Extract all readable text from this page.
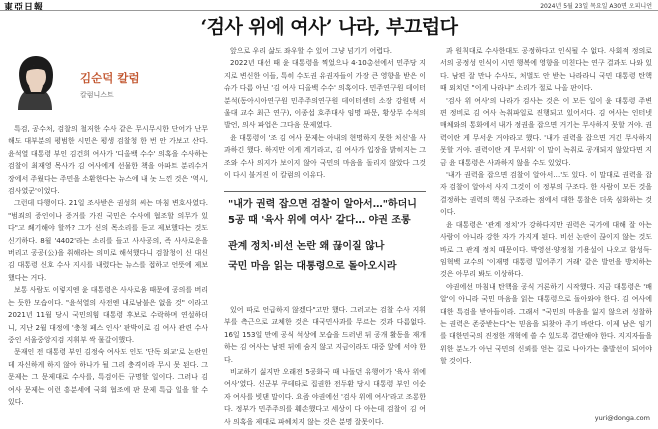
東亞日報	2024년 5월 23일 목요일 A30면 오피니언
‘검사 위에 여사’ 나라, 부끄럽다

특검, 공수처, 검찰의 철저한 수사 같은 무시무시한 단어가 난무해도 대부분의 평범한 시민은 평생 검찰청 한 번 안 가보고 산다. 윤석열 대통령 부인 김건희 여사가 '디올백 수수' 의혹을 수사하는 검찰이 최재영 목사가 김 여사에게 선물한 책을 아파트 분리수거장에서 주웠다는 주민을 소환한다는 뉴스에 내 놋 느낀 것은 '역시, 검사였군'이었다.

그런데 다행이다. 21일 조사받은 권성희 씨는 마침 변호사였다. "범죄의 증인이나 증거를 가진 국민은 수사에 협조할 의무가 있다"고 쐐기해야 할까? 그가 신의 목소리를 듣고 제보했다는 것도 신기하다. 8월 '4402'라는 소리를 들고 사사공의, 즉 사사로운을 버리고 공공(公)을 취해라는 의미로 해석했다니 검찰청이 신 대신 김 대통령 신호 수사 지시를 내렸다는 뉴스를 접하고 언뜻에 제보했다는 거다.

보통 사람도 이렇지엔 윤 대통령은 사사로움 때문에 공의를 버리는 듯한 모습이다. "윤석열의 사전엔 내로남불은 없을 것" 이라고 2021년 11월 당시 국민의힘 대통령 후보로 수락하며 연설하더니, 지난 2월 대정에 '충청 페스 인사' 판박이로 김 여사 관련 수사 중인 서울중앙지검 지휘부 싹 물갈이했다.

문재인 전 대통령 부인 김정숙 여사도 인도 '단독 외교'로 논란인데 자신하게 하지 않아 하나가 될 그리 충격이라 무시 못 된다. 그 문제는 그 문제대로 수사를, 특검이든 규명할 일이다. 그러나 김 여사 문제는 이런 흥분세에 국회 협조에 판 문제 특급 일을 할 수 있다.

김순덕 칼럼
칼럼니스트

앞으로 우리 삶도 좌우할 수 있어 그냥 넘기기 어렵다.

2022년 대선 때 윤 대통령을 찍었으나 4·10총선에서 민주당 지지로 변신한 이들, 특히 수도권 유권자들이 가장 큰 영향을 받은 이슈가 다름 아닌 '김 여사 디올백 수수' 의혹이다. 민주연구원 데이터 분석(동아시아연구원 민주주의연구원 데이터센터 소장 강원택 서울대 교수 최근 연구), 이종섭 호주대사 임명 파문, 황상무 수석의 발언, 의사 파업은 그다음 문제였다.

윤 대통령이 '조 김 여사 문제는 아내의 현명하지 못한 처신'을 사과하긴 했다. 하지만 이게 계기라고, 김 여사가 입장을 밝히지는 그 조와 수사 의지가 보이지 않아 국민의 마음을 돌리지 않았다 그것이 다시 불거진 이 칼럼의 이유다.

"내가 권력 잡으면 검찰이 알아서…"하더니
5공 때 '육사 위에 여사' 같다… 야권 조롱
관계 정치·비선 논란 왜 끊이질 않나
국민 마음 읽는 대통령으로 돌아오시라

있어 따로 언급하지 않겠다"고만 했다. 그러고는 검찰 수사 지휘부를 측근으로 교체한 것은 대국민사과를 무르는 것과 다름없다. 16일 153일 만에 공식 석상에 모습을 드러낸 뒤 공개 활동을 재개하는 김 여사는 남편 뒤에 숨지 않고 지금이라도 대중 앞에 서야 한다.

비교하기 싫지만 오래전 5공화국 때 나돌던 유행어가 '육사 위에 여사'였다. 신군부 쿠데타로 집권한 전두환 당시 대통령 부인 이순자 여사를 빗댄 말이다. 요즘 야권에선 '검사 위에 여사'라고 조롱한다. 정부가 민주주의를 훼손했다고 세상이 다 아는데 검찰이 김 여사 의혹을 제대로 파헤치지 않는 것은 분명 잘못이다.

과 원칙대로 수사한대도 공정하다고 인식될 수 없다. 사회적 정의로서의 공정성 인식이 시민 행복에 영향을 미친다는 연구 결과도 나와 있다. 남편 잘 만나 수사도, 처벌도 안 받는 나라라니 국민 대통령 탄핵 때 외치던 "이게 나라냐" 소리가 절로 나올 판이다.

'검사 위 여사'의 나라가 검사는 것은 이 모든 일이 윤 대통령 주변 편 정비로 김 여사 녹취파일로 진행되고 있어서다. 김 여사는 인터넷 매체와의 통화에서 내가 정권을 잡으면 거기는 무사하지 못할 거야. 권력이란 게 무서운 거야라고 했다. '내가 권력을 잡으면 거긴 무사하지 못할 거야. 권력이란 게 무서워' 이 말이 녹취로 공개되지 않았다면 지금 윤 대통령은 사과하지 않을 수도 있었다.

'내가 권력을 잡으면 검찰이 알아서…'도 있다. 이 말대로 권력을 잡자 검찰이 알아서 사지 그것이 이 정부의 구조다. 한 사람이 모든 것을 결정하는 권력의 핵심 구조라는 점에서 대한 통찰은 더욱 심화하는 것이다.

윤 대통령은 '관계 정치'가 강하다지만 권력은 국가에 대해 잘 아는 사람이 아니라 강한 자가 가지게 된다. 비선 논란이 끊이지 않는 것도 바로 그 관계 정치 때문이다. 박영선·양정철 기용설이 나오고 함성득·임혁백 교수의 '이재명 대통령 밀어주기 거래' 같은 발언을 방치하는 것은 아무리 봐도 이상하다.

야권에선 마침내 탄핵을 공식 거론하기 시작했다. 지금 대통령은 '배알'이 아니라 국민 마음을 읽는 대통령으로 돌아와야 한다. 김 여사에 대한 특검을 받아들이라. 그래서 "국민의 마음을 잃지 않으려 성찰하는 권력은 존중받는다"는 믿음을 되찾아 주기 바란다. 이제 남은 임기를 대한민국의 진정한 개혁에 쓸 수 있도록 결단해야 한다. 지지자들을 위한 분노가 아닌 국민의 신뢰를 얻는 길로 나아가는 출발선이 되어야 할 것이다.

yuri@donga.com
